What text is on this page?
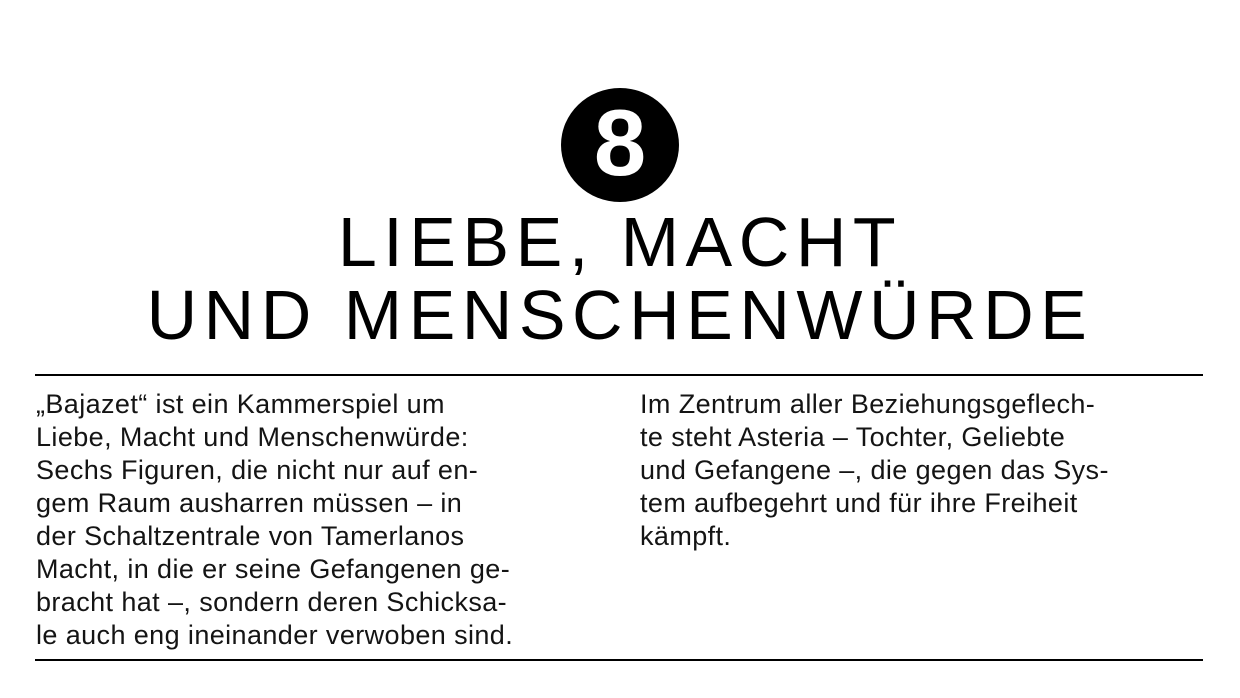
8
LIEBE, MACHT
UND MENSCHENWÜRDE
„Bajazet“ ist ein Kammerspiel um
Liebe, Macht und Menschenwürde:
Sechs Figuren, die nicht nur auf en-
gem Raum ausharren müssen – in
der Schaltzentrale von Tamerlanos
Macht, in die er seine Gefangenen ge-
bracht hat –, sondern deren Schicksa-
le auch eng ineinander verwoben sind.
Im Zentrum aller Beziehungsgeflech-
te steht Asteria – Tochter, Geliebte
und Gefangene –, die gegen das Sys-
tem aufbegehrt und für ihre Freiheit
kämpft.
